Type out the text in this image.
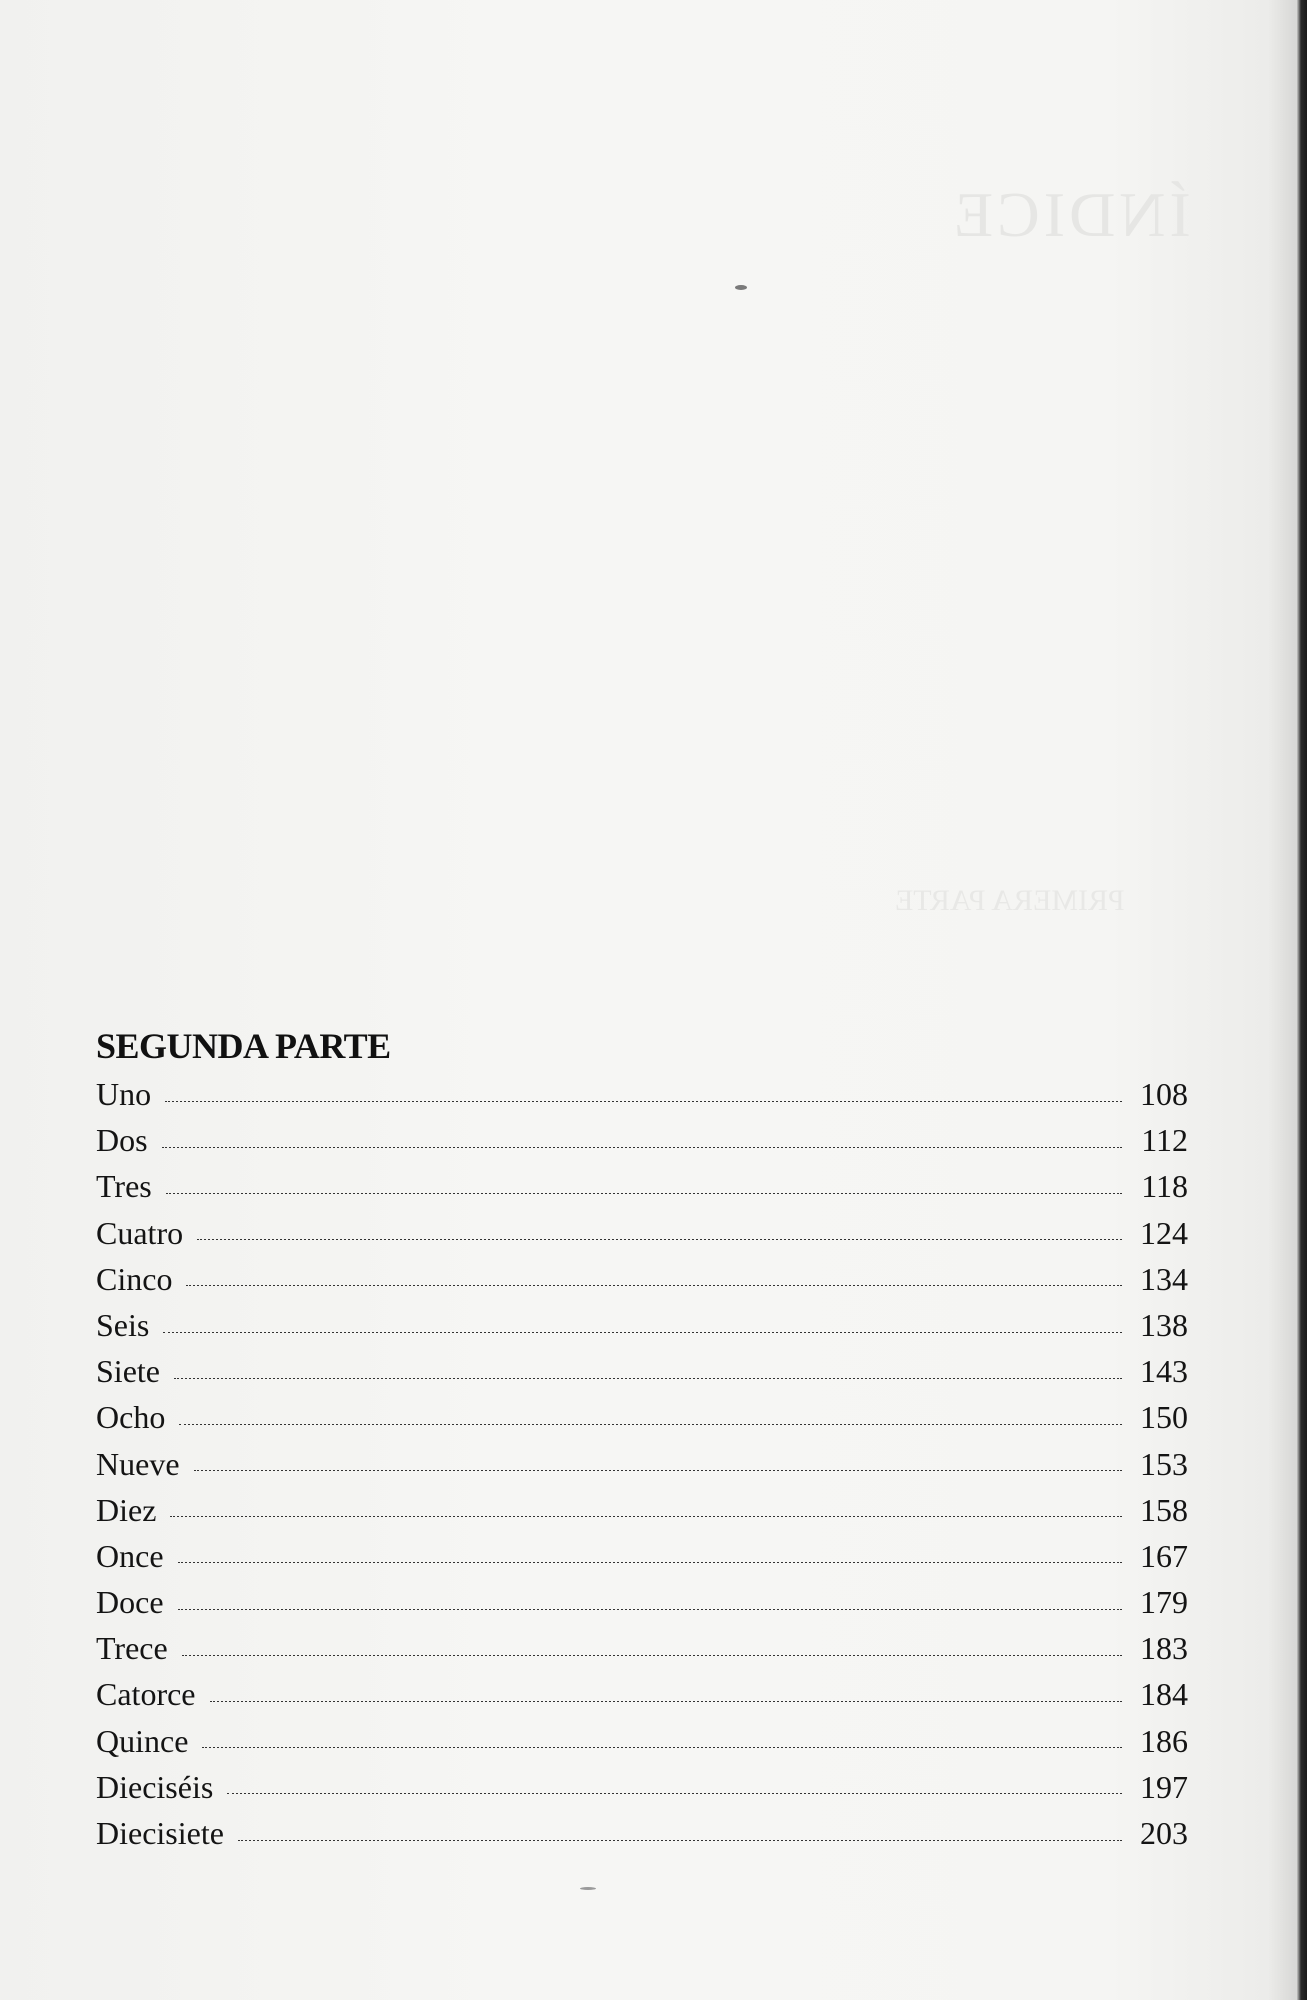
ÍNDICE
PRIMERA PARTE
SEGUNDA PARTE
Uno	108
Dos	112
Tres	118
Cuatro	124
Cinco	134
Seis	138
Siete	143
Ocho	150
Nueve	153
Diez	158
Once	167
Doce	179
Trece	183
Catorce	184
Quince	186
Dieciséis	197
Diecisiete	203
